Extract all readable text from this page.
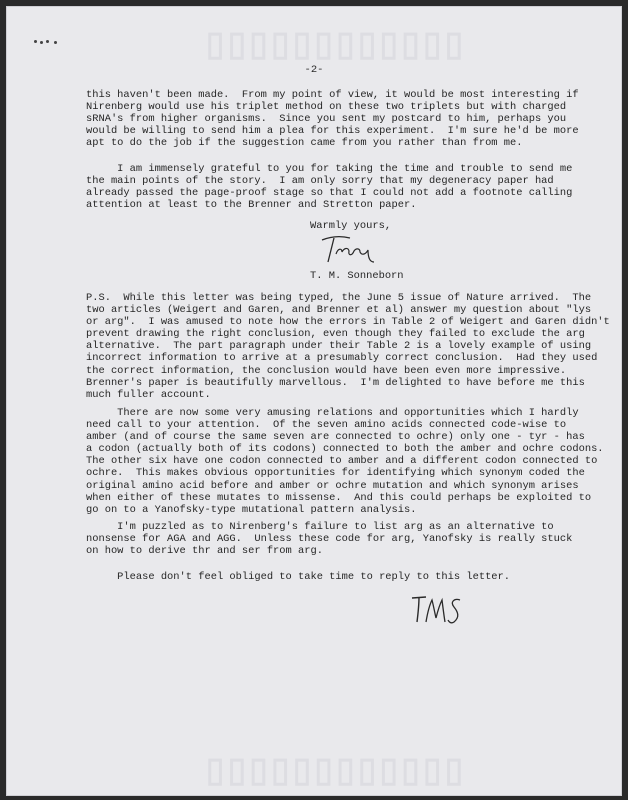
▯▯▯▯▯▯▯▯▯▯▯▯
▯▯▯▯▯▯▯▯▯▯▯▯
-2-
this haven't been made.  From my point of view, it would be most interesting if
Nirenberg would use his triplet method on these two triplets but with charged
sRNA's from higher organisms.  Since you sent my postcard to him, perhaps you
would be willing to send him a plea for this experiment.  I'm sure he'd be more
apt to do the job if the suggestion came from you rather than from me.
I am immensely grateful to you for taking the time and trouble to send me
the main points of the story.  I am only sorry that my degeneracy paper had
already passed the page-proof stage so that I could not add a footnote calling
attention at least to the Brenner and Stretton paper.
Warmly yours,
T. M. Sonneborn
P.S.  While this letter was being typed, the June 5 issue of Nature arrived.  The
two articles (Weigert and Garen, and Brenner et al) answer my question about "lys
or arg".  I was amused to note how the errors in Table 2 of Weigert and Garen didn't
prevent drawing the right conclusion, even though they failed to exclude the arg
alternative.  The part paragraph under their Table 2 is a lovely example of using
incorrect information to arrive at a presumably correct conclusion.  Had they used
the correct information, the conclusion would have been even more impressive.
Brenner's paper is beautifully marvellous.  I'm delighted to have before me this
much fuller account.
There are now some very amusing relations and opportunities which I hardly
need call to your attention.  Of the seven amino acids connected code-wise to
amber (and of course the same seven are connected to ochre) only one - tyr - has
a codon (actually both of its codons) connected to both the amber and ochre codons.
The other six have one codon connected to amber and a different codon connected to
ochre.  This makes obvious opportunities for identifying which synonym coded the
original amino acid before and amber or ochre mutation and which synonym arises
when either of these mutates to missense.  And this could perhaps be exploited to
go on to a Yanofsky-type mutational pattern analysis.
I'm puzzled as to Nirenberg's failure to list arg as an alternative to
nonsense for AGA and AGG.  Unless these code for arg, Yanofsky is really stuck
on how to derive thr and ser from arg.
Please don't feel obliged to take time to reply to this letter.
